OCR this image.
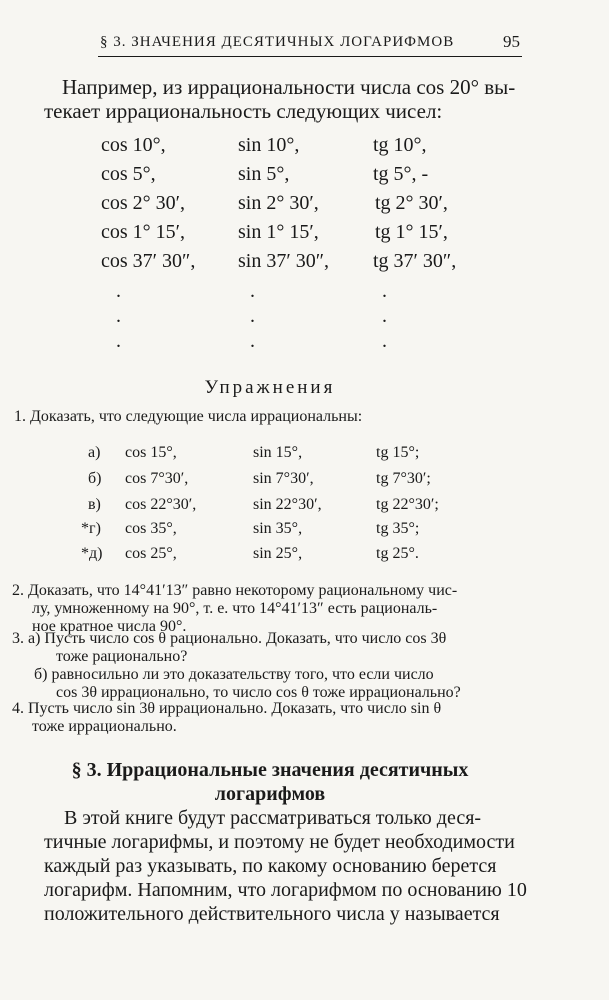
§ 3. ЗНАЧЕНИЯ ДЕСЯТИЧНЫХ ЛОГАРИФМОВ	95
Например, из иррациональности числа cos 20° вы-
текает иррациональность следующих чисел:
cos 10°,	sin 10°,	tg 10°,
cos 5°,	sin 5°,	tg 5°, -
cos 2° 30′,	sin 2° 30′,	tg 2° 30′,
cos 1° 15′,	sin 1° 15′,	tg 1° 15′,
cos 37′ 30″, sin 37′ 30″, tg 37′ 30″,
.	.	.
.	.	.
.	.	.
Упражнения
1. Доказать, что следующие числа иррациональны:
а) cos 15°,	sin 15°,	tg 15°;
б) cos 7°30′,	sin 7°30′,	tg 7°30′;
в) cos 22°30′,	sin 22°30′,	tg 22°30′;
*г) cos 35°,	sin 35°,	tg 35°;
*д) cos 25°,	sin 25°,	tg 25°.
2. Доказать, что 14°41′13″ равно некоторому рациональному чис-
лу, умноженному на 90°, т. е. что 14°41′13″ есть рациональ-
ное кратное числа 90°.
3. а) Пусть число cos θ рационально. Доказать, что число cos 3θ
тоже рационально?
б) равносильно ли это доказательству того, что если число
cos 3θ иррационально, то число cos θ тоже иррационально?
4. Пусть число sin 3θ иррационально. Доказать, что число sin θ
тоже иррационально.
§ 3. Иррациональные значения десятичных
логарифмов
В этой книге будут рассматриваться только деся-
тичные логарифмы, и поэтому не будет необходимости
каждый раз указывать, по какому основанию берется
логарифм. Напомним, что логарифмом по основанию 10
положительного действительного числа y называется
